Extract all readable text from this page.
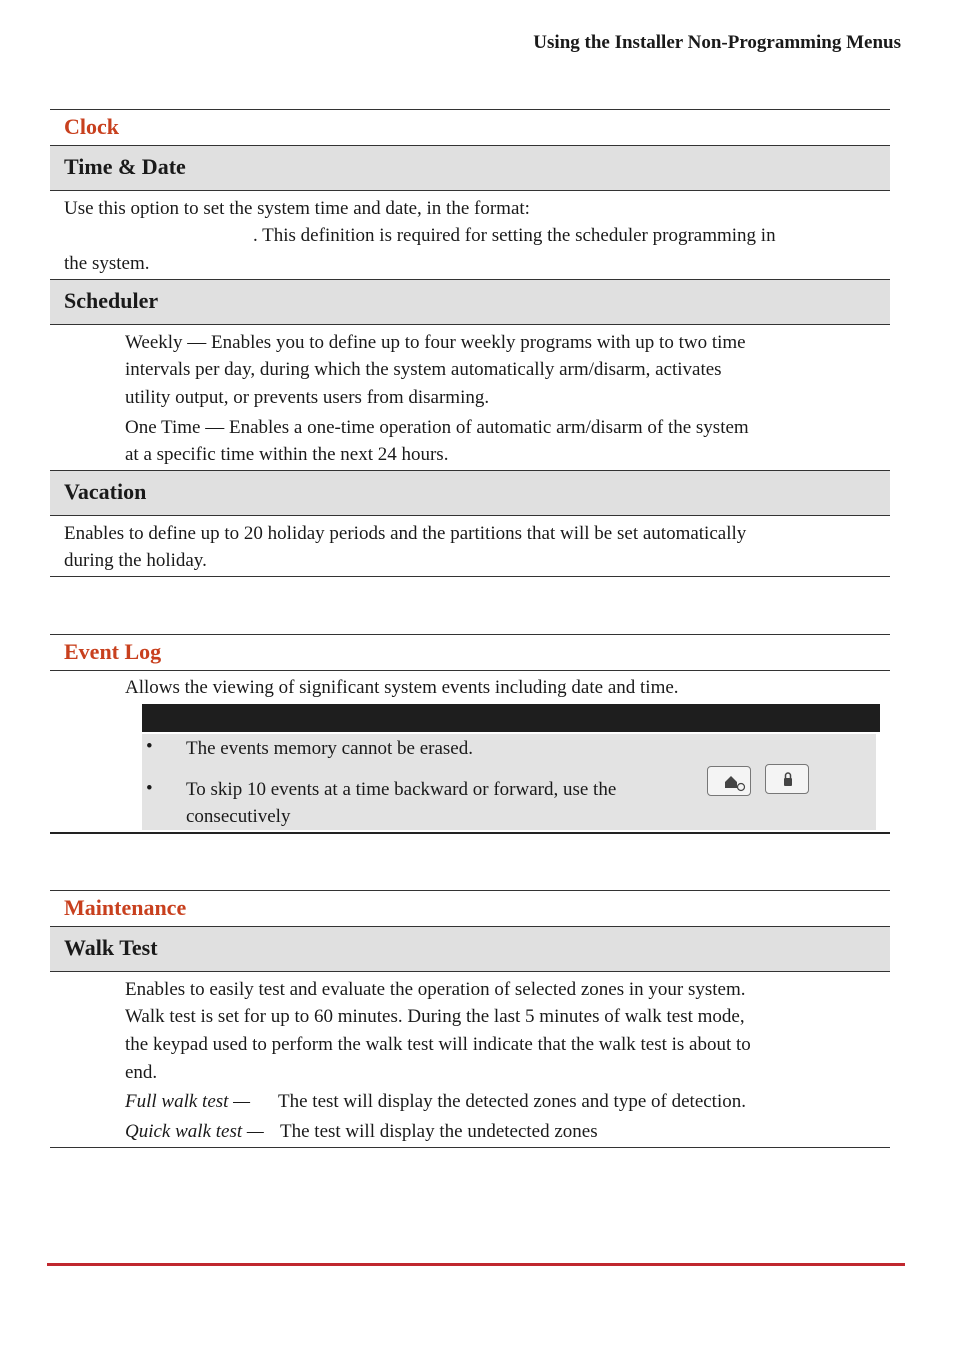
Using the Installer Non-Programming Menus
Clock
Time & Date
Use this option to set the system time and date, in the format:
. This definition is required for setting the scheduler programming in
the system.
Scheduler
Weekly — Enables you to define up to four weekly programs with up to two time
intervals per day, during which the system automatically arm/disarm, activates
utility output, or prevents users from disarming.
One Time — Enables a one-time operation of automatic arm/disarm of the system
at a specific time within the next 24 hours.
Vacation
Enables to define up to 20 holiday periods and the partitions that will be set automatically
during the holiday.
Event Log
Allows the viewing of significant system events including date and time.
• The events memory cannot be erased.
• To skip 10 events at a time backward or forward, use the
consecutively
Maintenance
Walk Test
Enables to easily test and evaluate the operation of selected zones in your system.
Walk test is set for up to 60 minutes. During the last 5 minutes of walk test mode,
the keypad used to perform the walk test will indicate that the walk test is about to
end.
Full walk test — The test will display the detected zones and type of detection.
Quick walk test — The test will display the undetected zones
